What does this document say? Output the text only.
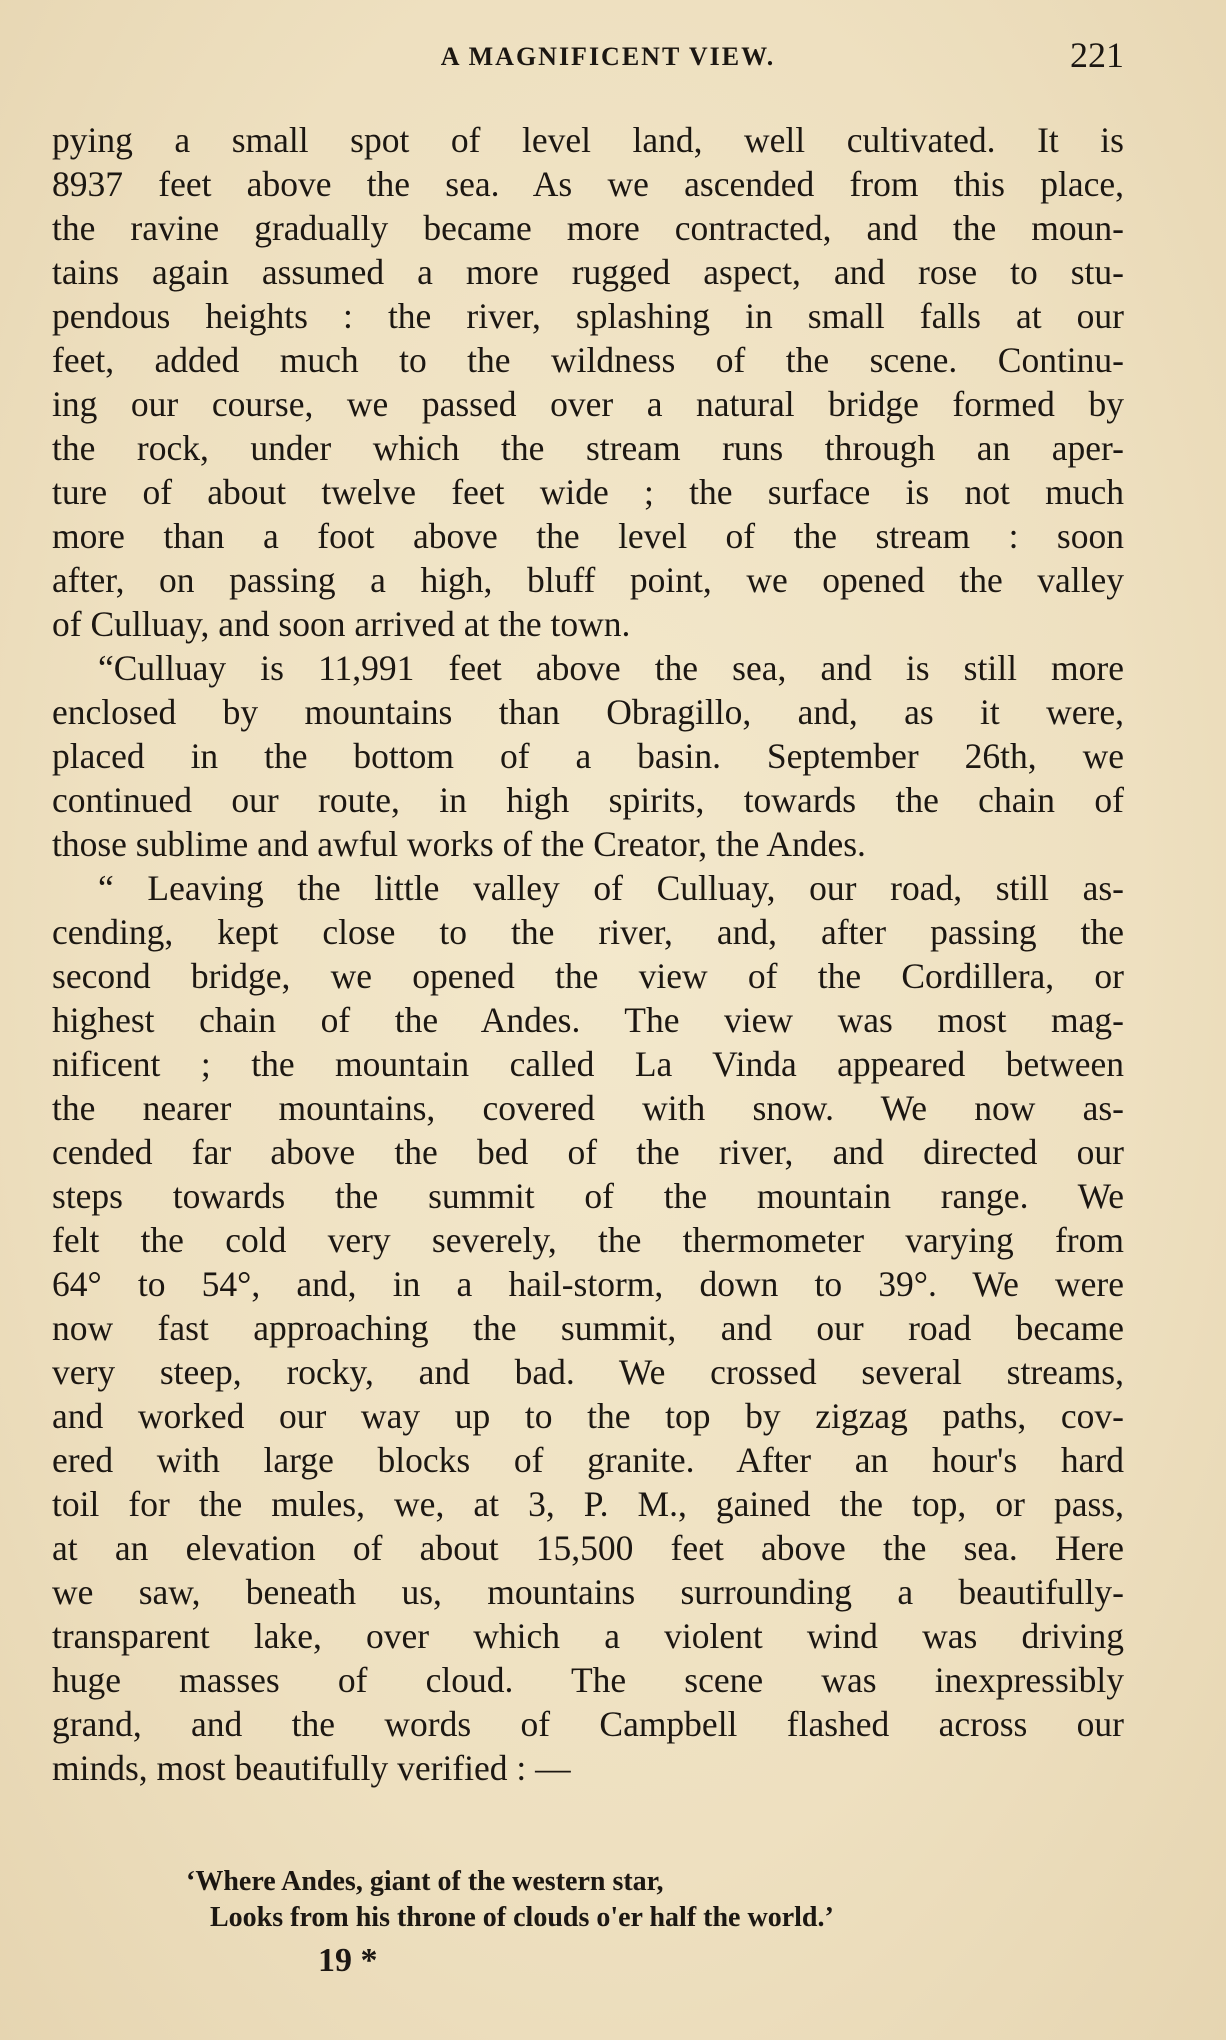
A MAGNIFICENT VIEW.	221
pying a small spot of level land, well cultivated. It is
8937 feet above the sea. As we ascended from this place,
the ravine gradually became more contracted, and the moun-
tains again assumed a more rugged aspect, and rose to stu-
pendous heights : the river, splashing in small falls at our
feet, added much to the wildness of the scene. Continu-
ing our course, we passed over a natural bridge formed by
the rock, under which the stream runs through an aper-
ture of about twelve feet wide ; the surface is not much
more than a foot above the level of the stream : soon
after, on passing a high, bluff point, we opened the valley
of Culluay, and soon arrived at the town.
“Culluay is 11,991 feet above the sea, and is still more
enclosed by mountains than Obragillo, and, as it were,
placed in the bottom of a basin. September 26th, we
continued our route, in high spirits, towards the chain of
those sublime and awful works of the Creator, the Andes.
“ Leaving the little valley of Culluay, our road, still as-
cending, kept close to the river, and, after passing the
second bridge, we opened the view of the Cordillera, or
highest chain of the Andes. The view was most mag-
nificent ; the mountain called La Vinda appeared between
the nearer mountains, covered with snow. We now as-
cended far above the bed of the river, and directed our
steps towards the summit of the mountain range. We
felt the cold very severely, the thermometer varying from
64° to 54°, and, in a hail-storm, down to 39°. We were
now fast approaching the summit, and our road became
very steep, rocky, and bad. We crossed several streams,
and worked our way up to the top by zigzag paths, cov-
ered with large blocks of granite. After an hour's hard
toil for the mules, we, at 3, P. M., gained the top, or pass,
at an elevation of about 15,500 feet above the sea. Here
we saw, beneath us, mountains surrounding a beautifully-
transparent lake, over which a violent wind was driving
huge masses of cloud. The scene was inexpressibly
grand, and the words of Campbell flashed across our
minds, most beautifully verified : —
‘Where Andes, giant of the western star,
Looks from his throne of clouds o'er half the world.’
19 *
